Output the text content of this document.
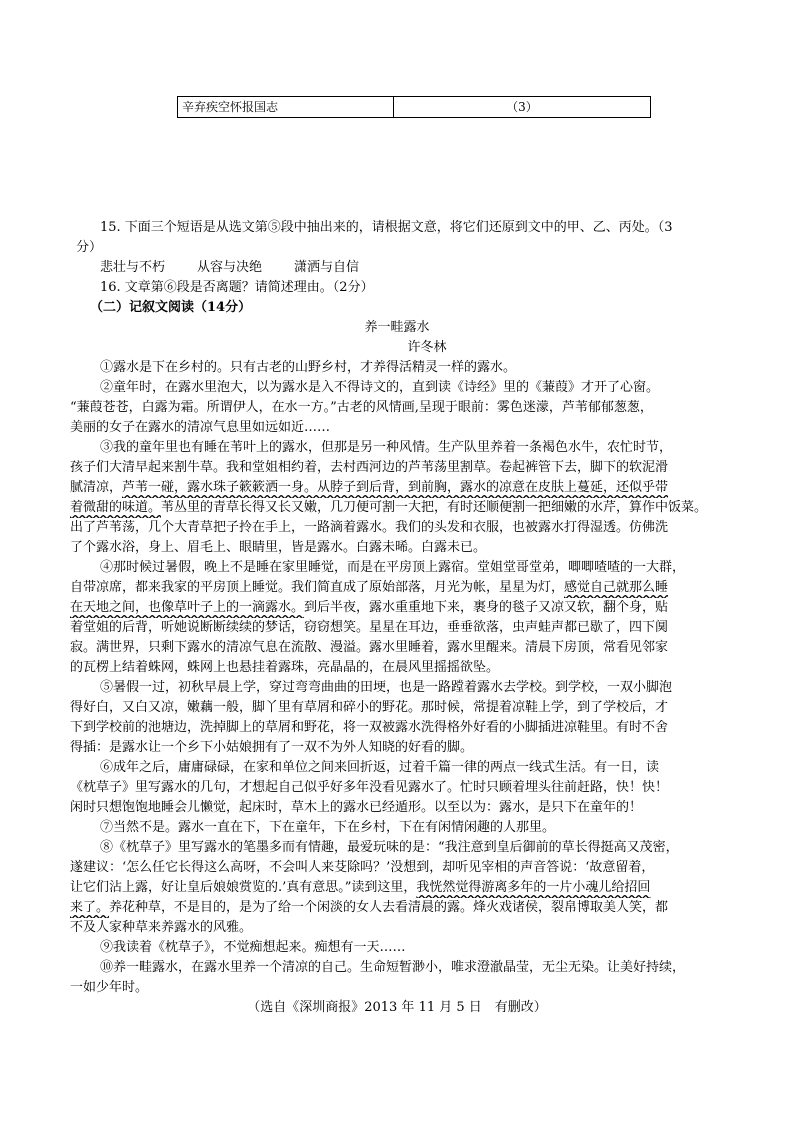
辛弃疾空怀报国志	（3）
15. 下面三个短语是从选文第⑤段中抽出来的，请根据文意，将它们还原到文中的甲、乙、丙处。（3
分）
悲壮与不朽 从容与决绝 潇洒与自信
16. 文章第⑥段是否离题？请简述理由。（2分）
（二）记叙文阅读（14分）
养一畦露水
许冬林
①露水是下在乡村的。只有古老的山野乡村，才养得活精灵一样的露水。
②童年时，在露水里泡大，以为露水是入不得诗文的，直到读《诗经》里的《蒹葭》才开了心窗。
“蒹葭苍苍，白露为霜。所谓伊人，在水一方。”古老的风情画,呈现于眼前：雾色迷濛，芦苇郁郁葱葱，
美丽的女子在露水的清凉气息里如远如近……
③我的童年里也有睡在苇叶上的露水，但那是另一种风情。生产队里养着一条褐色水牛，农忙时节，
孩子们大清早起来割牛草。我和堂姐相约着，去村西河边的芦苇荡里割草。卷起裤管下去，脚下的软泥滑
腻清凉，芦苇一碰，露水珠子簌簌洒一身。从脖子到后背，到前胸，露水的凉意在皮肤上蔓延，还似乎带
着微甜的味道。苇丛里的青草长得又长又嫩，几刀便可割一大把，有时还顺便割一把细嫩的水芹，算作中饭菜。
出了芦苇荡，几个大青草把子拎在手上，一路滴着露水。我们的头发和衣服，也被露水打得湿透。仿佛洗
了个露水浴，身上、眉毛上、眼睛里，皆是露水。白露未晞。白露未已。
④那时候过暑假，晚上不是睡在家里睡觉，而是在平房顶上露宿。堂姐堂哥堂弟，唧唧喳喳的一大群，
自带凉席，都来我家的平房顶上睡觉。我们简直成了原始部落，月光为帐，星星为灯，感觉自己就那么睡
在天地之间，也像草叶子上的一滴露水。到后半夜，露水重重地下来，裹身的毯子又凉又软，翻个身，贴
着堂姐的后背，听她说断断续续的梦话，窃窃想笑。星星在耳边，垂垂欲落，虫声蛙声都已歇了，四下阒
寂。满世界，只剩下露水的清凉气息在流散、漫溢。露水里睡着，露水里醒来。清晨下房顶，常看见邻家
的瓦楞上结着蛛网，蛛网上也悬挂着露珠，亮晶晶的，在晨风里摇摇欲坠。
⑤暑假一过，初秋早晨上学，穿过弯弯曲曲的田埂，也是一路蹚着露水去学校。到学校，一双小脚泡
得好白，又白又凉，嫩藕一般，脚丫里有草屑和碎小的野花。那时候，常提着凉鞋上学，到了学校后，才
下到学校前的池塘边，洗掉脚上的草屑和野花，将一双被露水洗得格外好看的小脚插进凉鞋里。有时不舍
得插：是露水让一个乡下小姑娘拥有了一双不为外人知晓的好看的脚。
⑥成年之后，庸庸碌碌，在家和单位之间来回折返，过着千篇一律的两点一线式生活。有一日，读
《枕草子》里写露水的几句，才想起自己似乎好多年没看见露水了。忙时只顾着埋头往前赶路，快！快！
闲时只想饱饱地睡会儿懒觉，起床时，草木上的露水已经遁形。以至以为：露水，是只下在童年的！
⑦当然不是。露水一直在下，下在童年，下在乡村，下在有闲情闲趣的人那里。
⑧《枕草子》里写露水的笔墨多而有情趣，最爱玩味的是：“我注意到皇后御前的草长得挺高又茂密，
遂建议：‘怎么任它长得这么高呀，不会叫人来芟除吗？’没想到，却听见宰相的声音答说：‘故意留着，
让它们沾上露，好让皇后娘娘赏览的.’真有意思。”读到这里，我恍然觉得游离多年的一片小魂儿给招回
来了。养花种草，不是目的，是为了给一个闲淡的女人去看清晨的露。烽火戏诸侯，裂帛博取美人笑，都
不及人家种草来养露水的风雅。
⑨我读着《枕草子》，不觉痴想起来。痴想有一天……
⑩养一畦露水，在露水里养一个清凉的自己。生命短暂渺小，唯求澄澈晶莹，无尘无染。让美好持续，
一如少年时。
（选自《深圳商报》2013 年 11 月 5 日　有删改）
